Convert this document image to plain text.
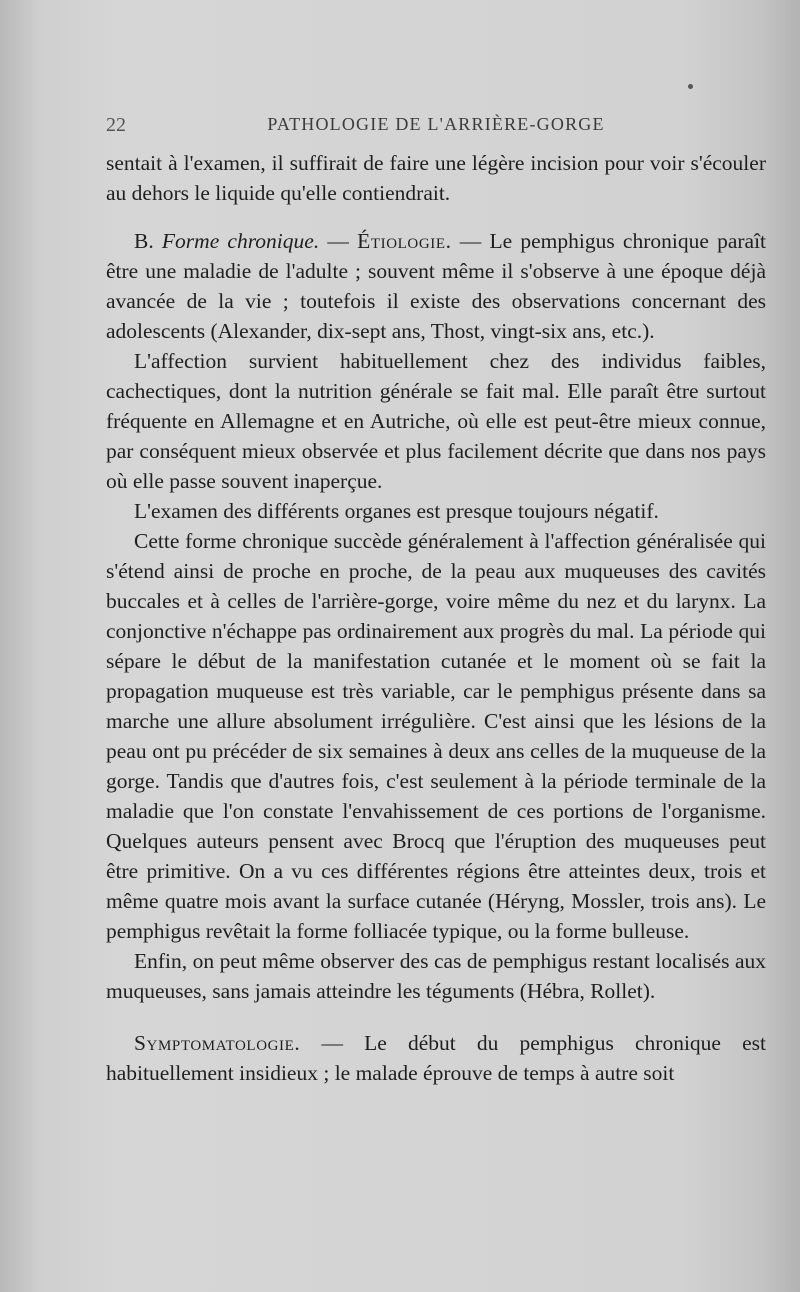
22	PATHOLOGIE DE L'ARRIÈRE-GORGE

sentait à l'examen, il suffirait de faire une légère incision pour voir s'écouler au dehors le liquide qu'elle contiendrait.

B. Forme chronique. — Étiologie. — Le pemphigus chronique paraît être une maladie de l'adulte ; souvent même il s'observe à une époque déjà avancée de la vie ; toutefois il existe des observations concernant des adolescents (Alexander, dix-sept ans, Thost, vingt-six ans, etc.).

L'affection survient habituellement chez des individus faibles, cachectiques, dont la nutrition générale se fait mal. Elle paraît être surtout fréquente en Allemagne et en Autriche, où elle est peut-être mieux connue, par conséquent mieux observée et plus facilement décrite que dans nos pays où elle passe souvent inaperçue.

L'examen des différents organes est presque toujours négatif.

Cette forme chronique succède généralement à l'affection généralisée qui s'étend ainsi de proche en proche, de la peau aux muqueuses des cavités buccales et à celles de l'arrière-gorge, voire même du nez et du larynx. La conjonctive n'échappe pas ordinairement aux progrès du mal. La période qui sépare le début de la manifestation cutanée et le moment où se fait la propagation muqueuse est très variable, car le pemphigus présente dans sa marche une allure absolument irrégulière. C'est ainsi que les lésions de la peau ont pu précéder de six semaines à deux ans celles de la muqueuse de la gorge. Tandis que d'autres fois, c'est seulement à la période terminale de la maladie que l'on constate l'envahissement de ces portions de l'organisme. Quelques auteurs pensent avec Brocq que l'éruption des muqueuses peut être primitive. On a vu ces différentes régions être atteintes deux, trois et même quatre mois avant la surface cutanée (Héryng, Mossler, trois ans). Le pemphigus revêtait la forme folliacée typique, ou la forme bulleuse.

Enfin, on peut même observer des cas de pemphigus restant localisés aux muqueuses, sans jamais atteindre les téguments (Hébra, Rollet).

Symptomatologie. — Le début du pemphigus chronique est habituellement insidieux ; le malade éprouve de temps à autre soit
